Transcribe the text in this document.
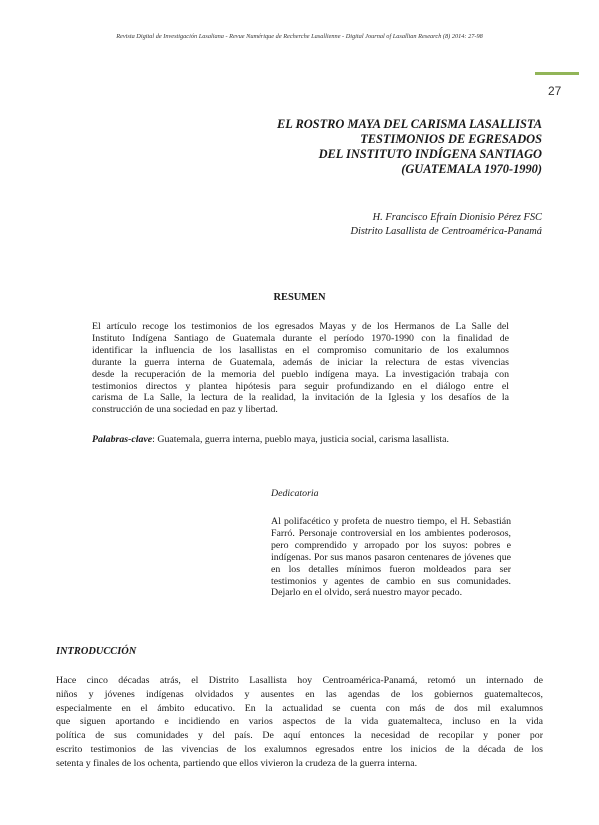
Revista Digital de Investigación Lasaliana - Revue Numérique de Recherche Lasallienne - Digital Journal of Lasallian Research (8) 2014: 27-98
27
EL ROSTRO MAYA DEL CARISMA LASALLISTA
TESTIMONIOS DE EGRESADOS
DEL INSTITUTO INDÍGENA SANTIAGO
(GUATEMALA 1970-1990)
H. Francisco Efraín Dionisio Pérez FSC
Distrito Lasallista de Centroamérica-Panamá
RESUMEN
El artículo recoge los testimonios de los egresados Mayas y de los Hermanos de La Salle del
Instituto Indígena Santiago de Guatemala durante el período 1970-1990 con la finalidad de
identificar la influencia de los lasallistas en el compromiso comunitario de los exalumnos
durante la guerra interna de Guatemala, además de iniciar la relectura de estas vivencias
desde la recuperación de la memoria del pueblo indígena maya. La investigación trabaja con
testimonios directos y plantea hipótesis para seguir profundizando en el diálogo entre el
carisma de La Salle, la lectura de la realidad, la invitación de la Iglesia y los desafíos de la
construcción de una sociedad en paz y libertad.
Palabras-clave: Guatemala, guerra interna, pueblo maya, justicia social, carisma lasallista.
Dedicatoria
Al polifacético y profeta de nuestro tiempo, el H. Sebastián
Farró. Personaje controversial en los ambientes poderosos,
pero comprendido y arropado por los suyos: pobres e
indígenas. Por sus manos pasaron centenares de jóvenes que
en los detalles mínimos fueron moldeados para ser
testimonios y agentes de cambio en sus comunidades.
Dejarlo en el olvido, será nuestro mayor pecado.
INTRODUCCIÓN
Hace cinco décadas atrás, el Distrito Lasallista hoy Centroamérica-Panamá, retomó un internado de
niños y jóvenes indígenas olvidados y ausentes en las agendas de los gobiernos guatemaltecos,
especialmente en el ámbito educativo. En la actualidad se cuenta con más de dos mil exalumnos
que siguen aportando e incidiendo en varios aspectos de la vida guatemalteca, incluso en la vida
política de sus comunidades y del país. De aquí entonces la necesidad de recopilar y poner por
escrito testimonios de las vivencias de los exalumnos egresados entre los inicios de la década de los
setenta y finales de los ochenta, partiendo que ellos vivieron la crudeza de la guerra interna.
